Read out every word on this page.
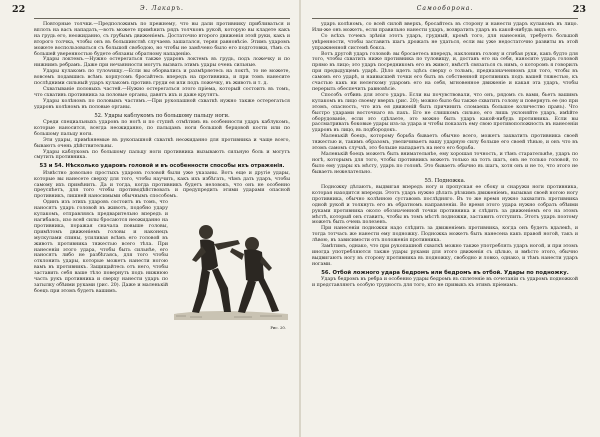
22	Э. Лакаръ.

Повторные толчки.—Предположимъ по прежнему, что вы дали противнику прибливаться и вплоть на васъ нападать,—вотъ можете примѣнить рядъ толчковъ рукой, которую вы кладете какъ на грудь его, неожиданно, съ грубымъ движеніемъ. Достаточно второго движенія этой руки, какъ и второго толчка, чтобы онъ въ большинствѣ случаевъ зашатался, теряя равновѣсіе. Этимъ ударомъ можете воспользоваться съ большой свободою, но чтобы не замѣчено было его подготовки, тѣмъ съ большей уверенностью будете обязаны обратному нападенію.

Удары локтемъ.—Нужно остерегаться также ударовъ локтемъ въ грудь, подъ ложечку и по нижнимъ ребрамъ. Даже при нечаянности могутъ вызвать этимъ удары очень сильные.

Удары кулакомъ по тулowищу.—Если вы оборвались и размѣряетесь на локтѣ, то не можете, вовсемъ подавшись всѣмъ корпусомъ бросайтесь впередъ на противника, и при томъ нанесите послѣдними сильный ударъ кулакомъ противъ груди ея или подъ ложечку, въ животъ и т. д.

Схватываніе половыхъ частей.—Нужно остерегаться этого пріема, который состоитъ въ томъ, что схвативъ противника за половые органы, давятъ ихъ и даже крутятъ.

Удары колѣномъ по половымъ частямъ.—При рукопашной схваткѣ нужно также остерегаться ударовъ колѣномъ въ половые органы.

52. Удары каблукомъ по большому пальцу ноги.

Среди специальныхъ ударовъ по ногѣ и по ступнѣ отмѣтимъ въ особенности ударъ каблукомъ, которые наносится, всегда неожиданно, по пальцамъ ноги большой берцовой кости или по большому пальцу ноги.

Эти удары, примѣняемые въ рукопашной схваткѣ неожиданно для противника и чаще всего, бываютъ очень дѣйствительны.

Удары каблукомъ по большому пальцу ноги противника вызываютъ сильную боль и могутъ смутить противника.

53 и 54. Нѣсколько ударовъ головой и въ особенности способы ихъ отраженія.

Извѣстно довольно простыхъ ударовъ головой были уже указаны. Вотъ еще и другіе удары, которые вы нанесете сверху для того, чтобы научить, какъ ихъ избѣгать, чѣмъ дать ударъ, чтобы самому ихъ примѣнить. Да и тогда, когда противникъ будетъ неловокъ, что онъ не особенно преуспѣетъ, для того чтобы противодѣйствовать и предупредить этими ударами опасной противникъ, лишней наносимыми обычнымъ способомъ.

Рис. 20.

Одинъ изъ этихъ ударовъ состоитъ въ томъ, что наносятъ ударъ головой въ животъ, подобно удару кулакомъ, отправляясь предварительно впередъ и нагибаясь, изо всей силы бросаются неожиданно на противника, поражая сначала повыше головы, примѣтомъ движеніемъ головы и наконецъ мускулами спины, усиливая всѣмъ его головой въ животъ противника тяжестью всего тѣла. При нанесеніи этого удара, чтобы быть сильнѣе, его наносятъ либо не разбѣгаясь, для того чтобы отклонить удары, которые можетъ нанести ногою вамъ въ противникъ. Защищайтесь отъ него, чтобы заставить себя ваше тѣло повернуть подъ нижнюю часть рукъ противника и сверху нанести ударъ по затылку обѣими руками (рис. 20). Даже и маленькій боецъ при этомъ будетъ вашимъ.

Самооборона.	23

ударъ колѣномъ, со всей силой вверхъ, бросайтесь въ сторону и нанести ударъ кулакомъ въ лицо. Или-же онъ можетъ, если правильно нанести ударъ, возвратить ударъ въ какой-нибудь видъ его.

Со всѣхъ точекъ зрѣнія этотъ ударъ, грудный, кромѣ того, для нанесенія, требуетъ большой увѣренности, чтобы заставить шагъ дрожать не удаться, если вы уже недостаточно развиты въ этой упражненной системѣ бокса.

Вотъ другой ударъ головой: вы бросаетесь впередъ, наклонивъ голову и сгибая руки, какъ будто для того, чтобы схватить ниже противника по туловищу, и, доставъ его на себя, наносите ударъ головой прямо въ лицо; это ударъ посредникомъ его въ живот, вмѣстѣ связаться съ нимъ, о которомъ я говорилъ при предыдущемъ ударѣ. Дѣло идетъ здѣсь сверху о тольмъ, предназначенномъ для того, чтобы въ самомъ его ударѣ, и наивысшей точки его быть въ собственной противникъ подъ вашей тяжестью, къ счастью какъ ни нелегкому ударомъ его на себя, мгновенное движеніе и какая эта ударъ, чтобы перерыть обеспечить равновѣсіе.

Способъ отбивъ для этого ударъ. Если вы почувствовали, что онъ, рядомъ съ вами, бьетъ вашимъ кулакомъ въ лицо своему вверхъ (рис. 20); можно было бы также схватить голову и повернуть ее (но при этомъ, опасность, что изъ ея движеній быть причинить сломаешь большое количество правъ). Что быстро ударами восточнаго въ пахъ. Его не слишкомъ сильно, его лишь уклоняйте ударъ, имѣйте оборудованіе, если это сдѣлаете, это можно быть ударъ какой-нибудь противника. Если вы рассматривать боковые удары изъ-за удара и чтобы показать ему свою противоположность въ нанесеніи ударовъ въ лицо, въ подбородокъ.

Маленькій боецъ, которому борьба бываетъ обычно всего, можетъ захватить противника своей тяжестью и, такимъ образомъ, увеличиваетъ вашу ударную силу больше его своей тѣнью, и онъ что въ этомъ самомъ случаѣ, это больше нападаетъ на него его борьба.

Маленькій боецъ можетъ быть внимательнѣе, ему хорошая точность, и тѣмъ старательнѣе, ударъ по ногѣ, которымъ для того, чтобы противникъ можетъ только на тотъ шагъ, онъ не только головой, то было ему удары къ мѣсту, ударъ по головѣ. Это бываетъ обычно въ шагъ, хотя онъ и не то, что этого не бываетъ нежелательно.

55. Подножка.

Подножку дѣлаютъ, выдвигая впередъ ногу и пропуская ее сбоку и снаружи ноги противника, которая находится впереди. Этотъ ударъ нужно дѣлать рѣзкимъ движеніемъ, вызывая своей ногою ногу противника, обычно колѣнною суставомъ послѣдняго. Въ то же время нужно захватить противника одной рукой и толкнуть его въ обратномъ направленіи. Во время этого удара нужно собрать обѣими руками противника около обозначенной точки противника и слѣдить за движеніемъ его на этомъ мѣстѣ, который онъ ставитъ, чтобы въ томъ мѣстѣ подножки, заставить отступить. Этотъ ударъ поэтому можетъ быть очень полезенъ.

При нанесеніи подножки надо слѣдить за движеніемъ противника, когда онъ будетъ вдалекѣ, и тогда тотчасъ же нанести ему подножку. Подножка можетъ быть нанесена какъ правой ногой, такъ и лѣвою, въ зависимости отъ положенія противника.

Замѣтимъ, однако, что при рукопашной схваткѣ можно также употреблять ударъ ногой, и при этомъ иногда употребляются также удары руками для этого движенія съ цѣлью, и вмѣсто этого, обычно выдвигаютъ ногу въ сторону противника въ подножку, свободно и ловко, однако, и тѣмъ нанести ударъ ногами.

56. Отбой ложного удара бедромъ или бедромъ въ отбой. Удары по подножку.

Ударъ бедромъ въ ребра и особенно удары бедромъ въ сплетеніе въ сочетаніи съ ударомъ подножкой и представляютъ особую трудность для того, кто не привыкъ къ этимъ пріемамъ.
